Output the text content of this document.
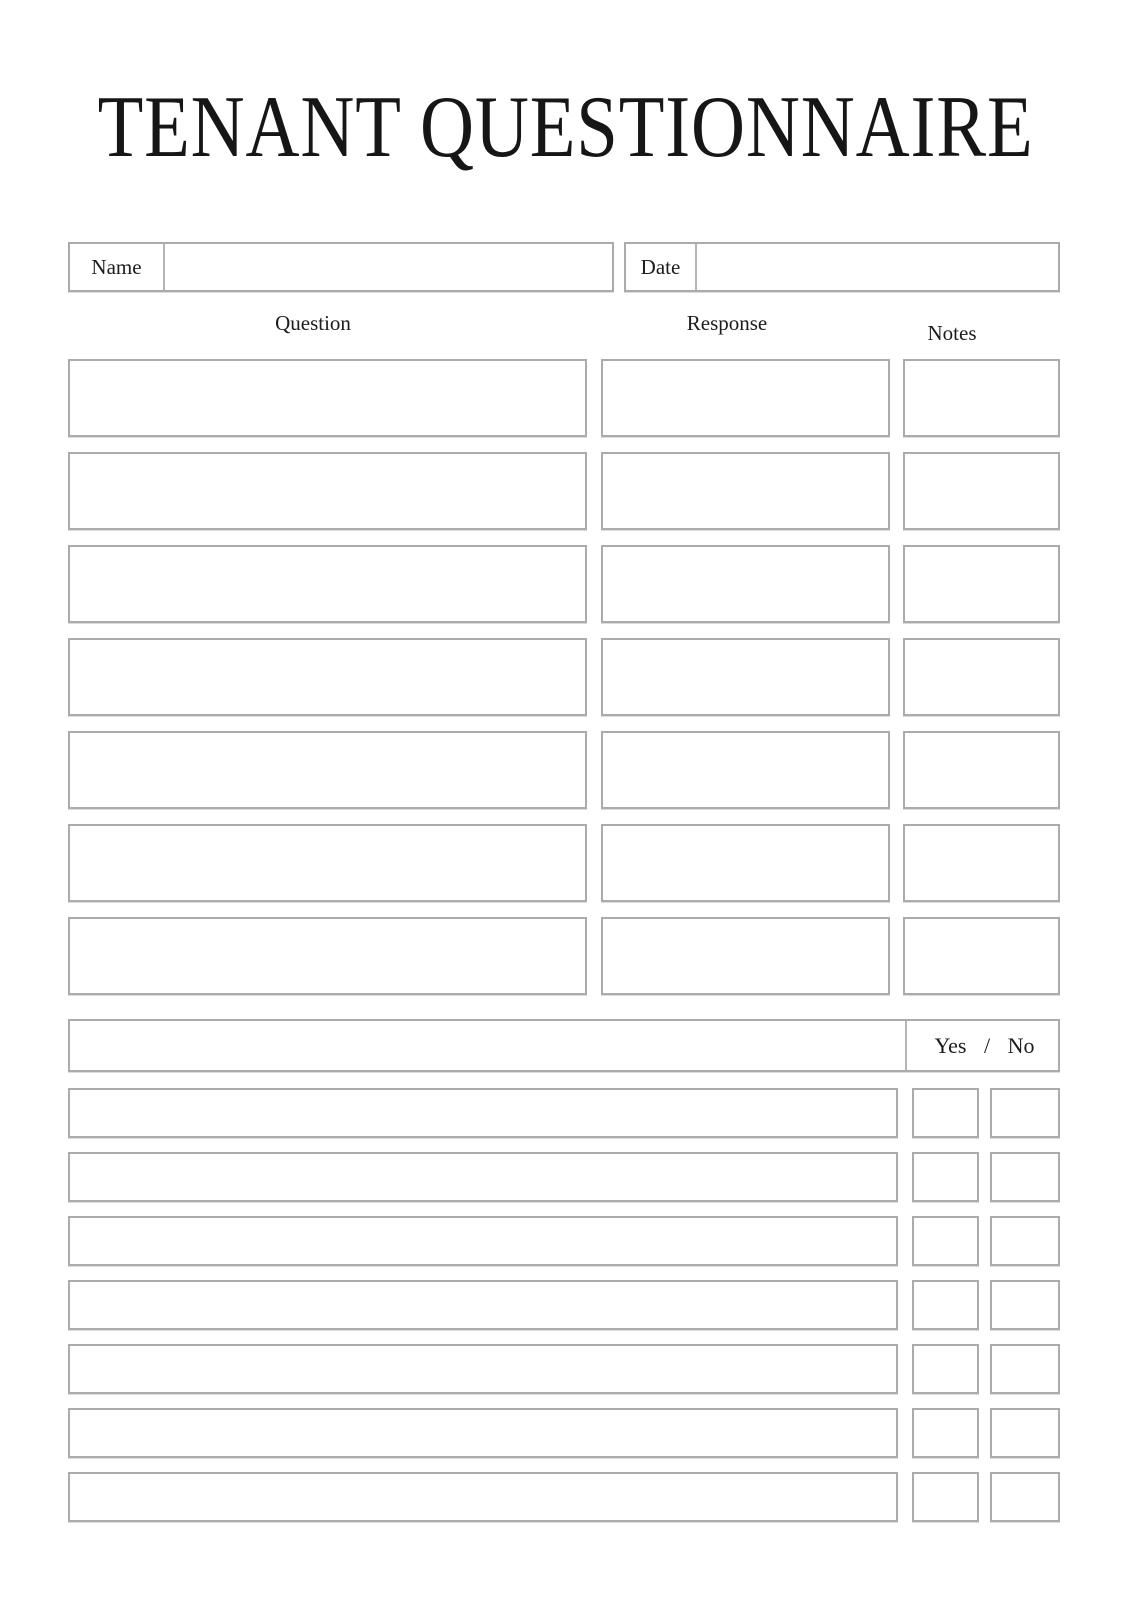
TENANT QUESTIONNAIRE
Name	Date
Question	Response	Notes
Yes / No
